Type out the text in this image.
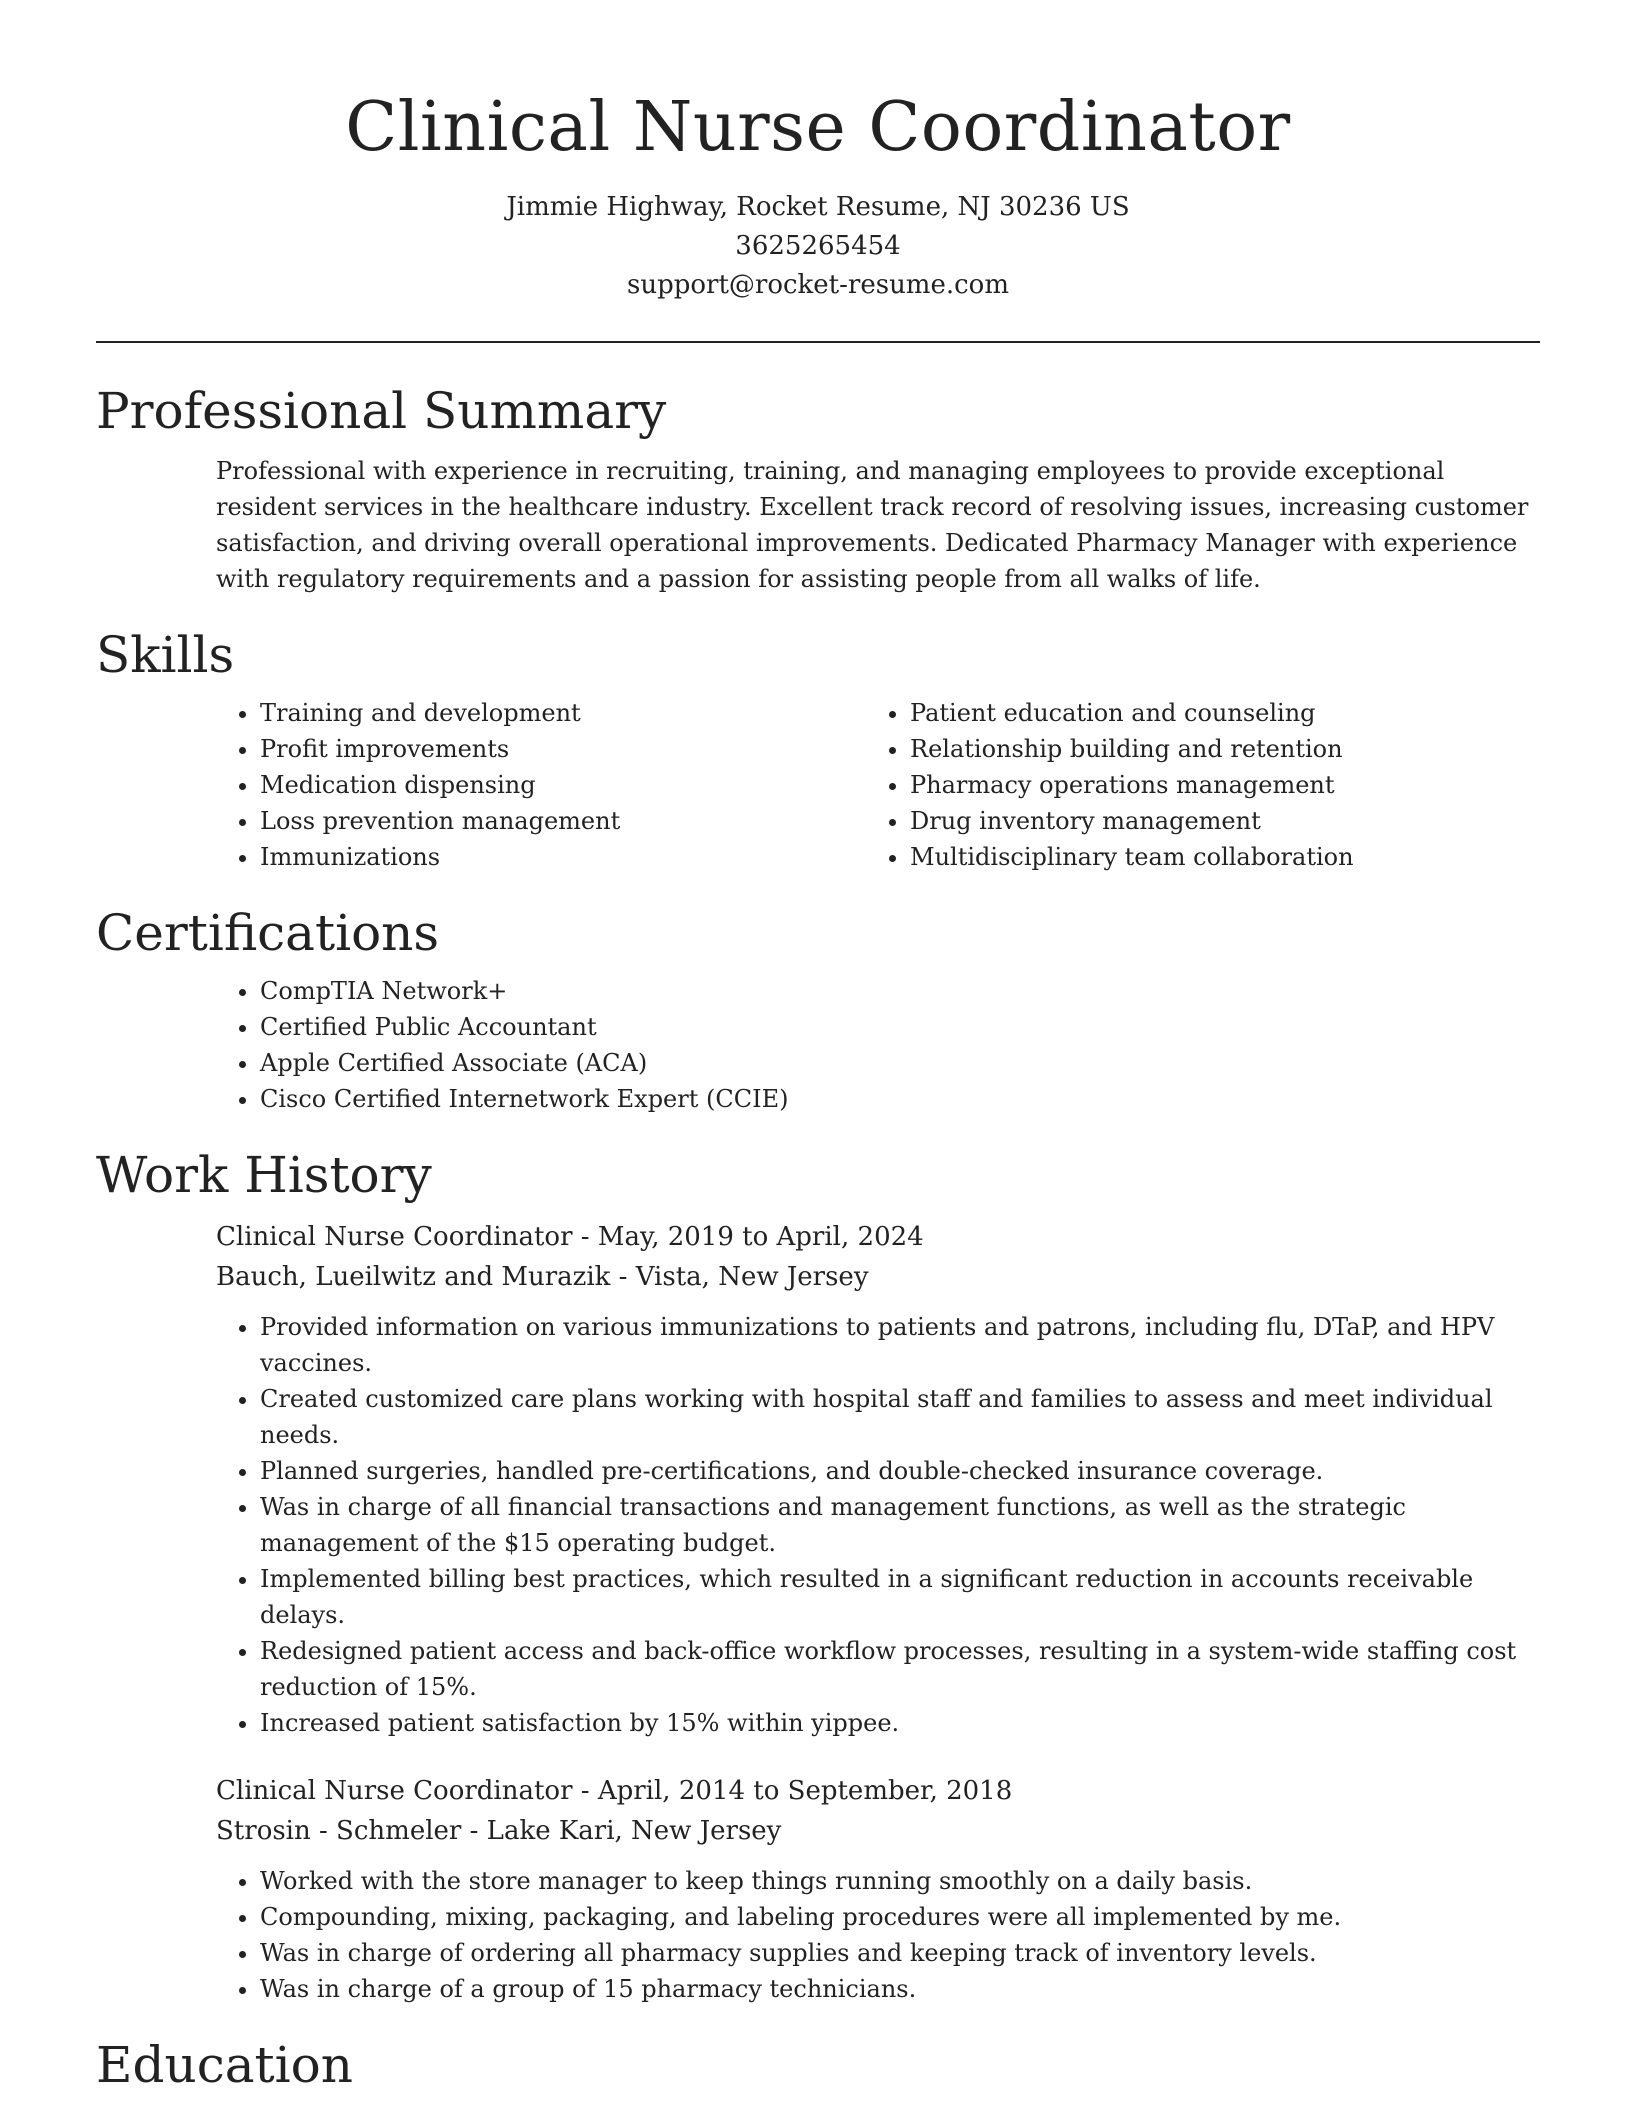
Clinical Nurse Coordinator

Jimmie Highway, Rocket Resume, NJ 30236 US

3625265454

support@rocket-resume.com

Professional Summary

Professional with experience in recruiting, training, and managing employees to provide exceptional resident services in the healthcare industry. Excellent track record of resolving issues, increasing customer satisfaction, and driving overall operational improvements. Dedicated Pharmacy Manager with experience with regulatory requirements and a passion for assisting people from all walks of life.

Skills
• Training and development
• Profit improvements
• Medication dispensing
• Loss prevention management
• Immunizations
• Patient education and counseling
• Relationship building and retention
• Pharmacy operations management
• Drug inventory management
• Multidisciplinary team collaboration
Certifications
• CompTIA Network+
• Certified Public Accountant
• Apple Certified Associate (ACA)
• Cisco Certified Internetwork Expert (CCIE)
Work History

Clinical Nurse Coordinator - May, 2019 to April, 2024

Bauch, Lueilwitz and Murazik - Vista, New Jersey

• Provided information on various immunizations to patients and patrons, including flu, DTaP, and HPV vaccines.
• Created customized care plans working with hospital staff and families to assess and meet individual needs.
• Planned surgeries, handled pre-certifications, and double-checked insurance coverage.
• Was in charge of all financial transactions and management functions, as well as the strategic management of the $15 operating budget.
• Implemented billing best practices, which resulted in a significant reduction in accounts receivable delays.
• Redesigned patient access and back-office workflow processes, resulting in a system-wide staffing cost reduction of 15%.
• Increased patient satisfaction by 15% within yippee.

Clinical Nurse Coordinator - April, 2014 to September, 2018

Strosin - Schmeler - Lake Kari, New Jersey

• Worked with the store manager to keep things running smoothly on a daily basis.
• Compounding, mixing, packaging, and labeling procedures were all implemented by me.
• Was in charge of ordering all pharmacy supplies and keeping track of inventory levels.
• Was in charge of a group of 15 pharmacy technicians.
Education
